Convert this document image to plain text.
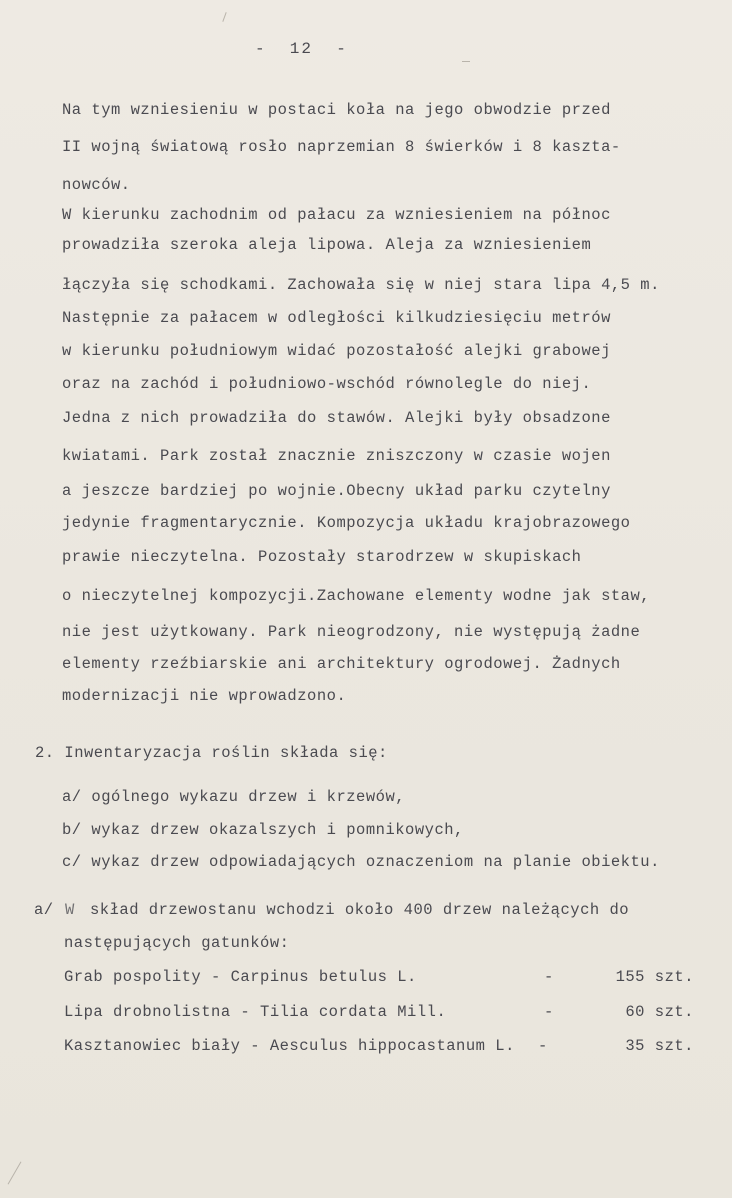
-  12  -
Na tym wzniesieniu w postaci koła na jego obwodzie przed
II wojną światową rosło naprzemian 8 świerków i 8 kaszta-
nowców.
W kierunku zachodnim od pałacu za wzniesieniem na północ
prowadziła szeroka aleja lipowa. Aleja za wzniesieniem
łączyła się schodkami. Zachowała się w niej stara lipa 4,5 m.
Następnie za pałacem w odległości kilkudziesięciu metrów
w kierunku południowym widać pozostałość alejki grabowej
oraz na zachód i południowo-wschód równolegle do niej.
Jedna z nich prowadziła do stawów. Alejki były obsadzone
kwiatami. Park został znacznie zniszczony w czasie wojen
a jeszcze bardziej po wojnie.Obecny układ parku czytelny
jedynie fragmentarycznie. Kompozycja układu krajobrazowego
prawie nieczytelna. Pozostały starodrzew w skupiskach
o nieczytelnej kompozycji.Zachowane elementy wodne jak staw,
nie jest użytkowany. Park nieogrodzony, nie występują żadne
elementy rzeźbiarskie ani architektury ogrodowej. Żadnych
modernizacji nie wprowadzono.
2. Inwentaryzacja roślin składa się:
a/ ogólnego wykazu drzew i krzewów,
b/ wykaz drzew okazalszych i pomnikowych,
c/ wykaz drzew odpowiadających oznaczeniom na planie obiektu.
a/ W skład drzewostanu wchodzi około 400 drzew należących do
następujących gatunków:
Grab pospolity - Carpinus betulus L.	-	155 szt.
Lipa drobnolistna - Tilia cordata Mill.	-	60 szt.
Kasztanowiec biały - Aesculus hippocastanum L. -	35 szt.
